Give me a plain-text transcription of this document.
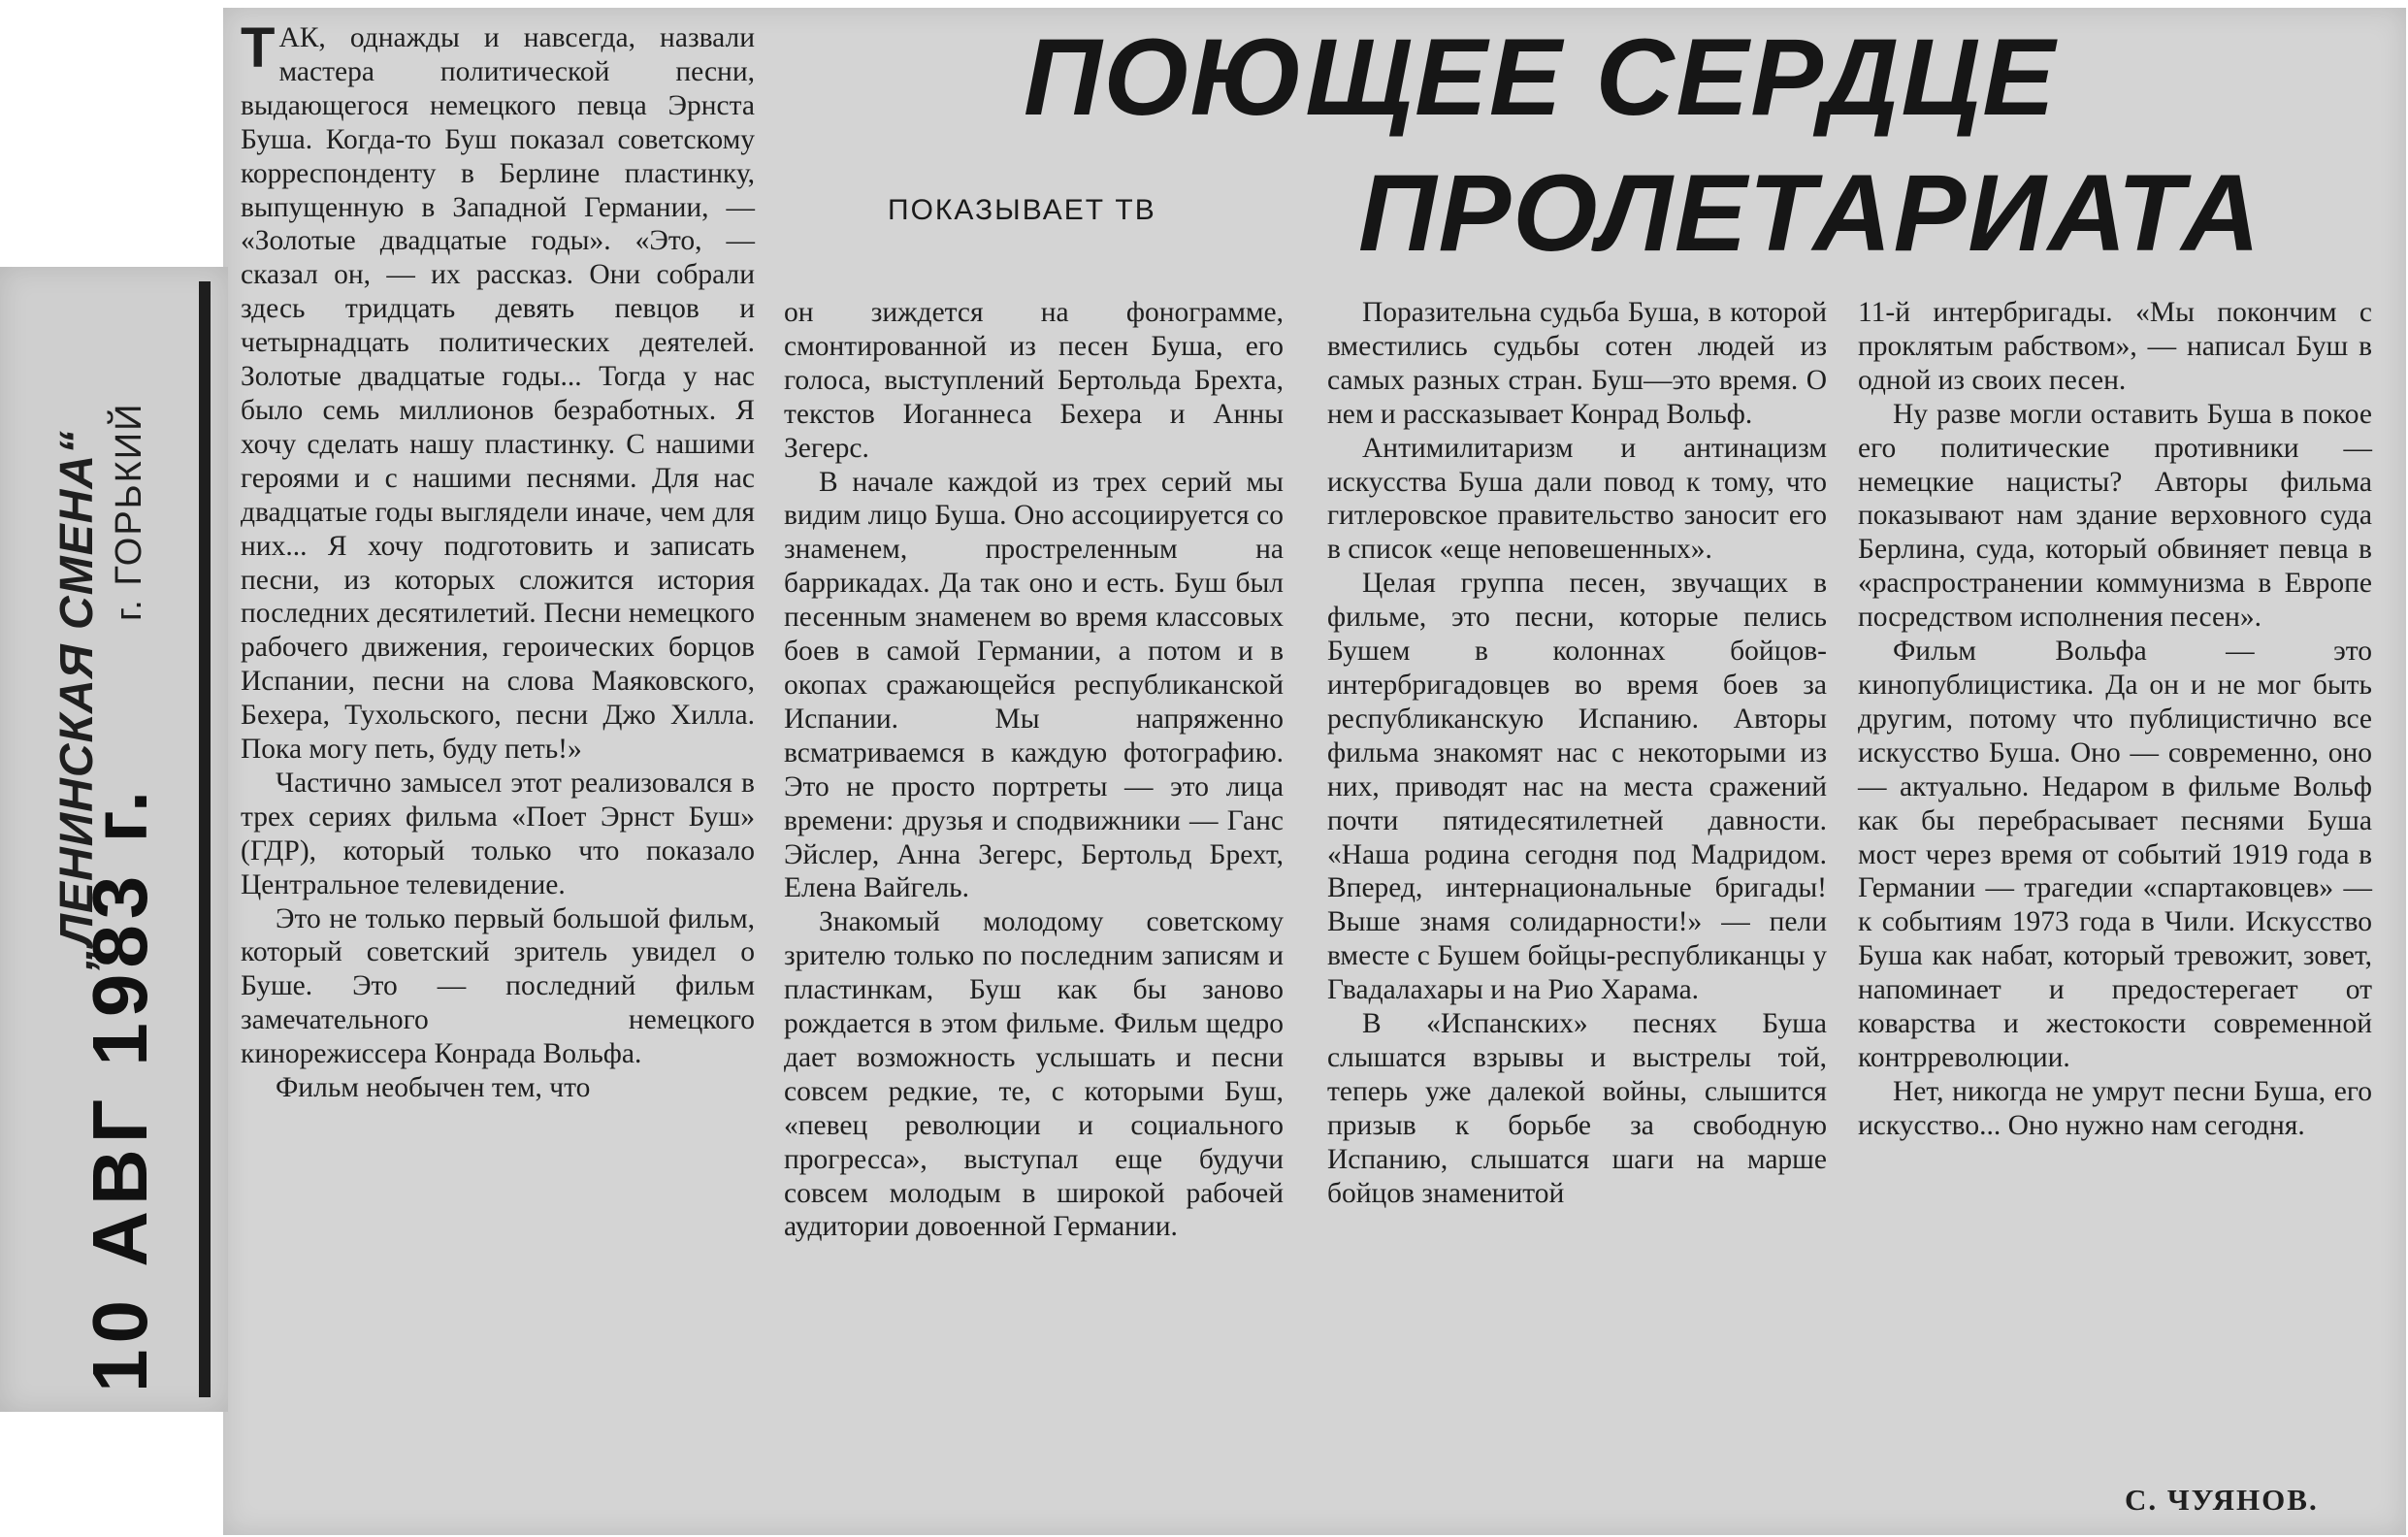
„ЛЕНИНСКАЯ СМЕНА“ г. ГОРЬКИЙ
10 АВГ 1983 г.
ПОЮЩЕЕ СЕРДЦЕ
ПРОЛЕТАРИАТА
ПОКАЗЫВАЕТ ТВ

ТАК, однажды и навсегда, назвали мастера политической песни, выдающегося немецкого певца Эрнста Буша. Когда-то Буш показал советскому корреспонденту в Берлине пластинку, выпущенную в Западной Германии, — «Золотые двадцатые годы». «Это, — сказал он, — их рассказ. Они собрали здесь тридцать девять певцов и четырнадцать политических деятелей. Золотые двадцатые годы... Тогда у нас было семь миллионов безработных. Я хочу сделать нашу пластинку. С нашими героями и с нашими песнями. Для нас двадцатые годы выглядели иначе, чем для них... Я хочу подготовить и записать песни, из которых сложится история последних десятилетий. Песни немецкого рабочего движения, героических борцов Испании, песни на слова Маяковского, Бехера, Тухольского, песни Джо Хилла. Пока могу петь, буду петь!»

Частично замысел этот реализовался в трех сериях фильма «Поет Эрнст Буш» (ГДР), который только что показало Центральное телевидение.

Это не только первый большой фильм, который советский зритель увидел о Буше. Это — последний фильм замечательного немецкого кинорежиссера Конрада Вольфа.

Фильм необычен тем, что

он зиждется на фонограмме, смонтированной из песен Буша, его голоса, выступлений Бертольда Брехта, текстов Иоганнеса Бехера и Анны Зегерс.

В начале каждой из трех серий мы видим лицо Буша. Оно ассоциируется со знаменем, простреленным на баррикадах. Да так оно и есть. Буш был песенным знаменем во время классовых боев в самой Германии, а потом и в окопах сражающейся республиканской Испании. Мы напряженно всматриваемся в каждую фотографию. Это не просто портреты — это лица времени: друзья и сподвижники — Ганс Эйслер, Анна Зегерс, Бертольд Брехт, Елена Вайгель.

Знакомый молодому советскому зрителю только по последним записям и пластинкам, Буш как бы заново рождается в этом фильме. Фильм щедро дает возможность услышать и песни совсем редкие, те, с которыми Буш, «певец революции и социального прогресса», выступал еще будучи совсем молодым в широкой рабочей аудитории довоенной Германии.

Поразительна судьба Буша, в которой вместились судьбы сотен людей из самых разных стран. Буш—это время. О нем и рассказывает Конрад Вольф.

Антимилитаризм и антинацизм искусства Буша дали повод к тому, что гитлеровское правительство заносит его в список «еще неповешенных».

Целая группа песен, звучащих в фильме, это песни, которые пелись Бушем в колоннах бойцов-интербригадовцев во время боев за республиканскую Испанию. Авторы фильма знакомят нас с некоторыми из них, приводят нас на места сражений почти пятидесятилетней давности. «Наша родина сегодня под Мадридом. Вперед, интернациональные бригады! Выше знамя солидарности!» — пели вместе с Бушем бойцы-республиканцы у Гвадалахары и на Рио Харама.

В «Испанских» песнях Буша слышатся взрывы и выстрелы той, теперь уже далекой войны, слышится призыв к борьбе за свободную Испанию, слышатся шаги на марше бойцов знаменитой

11-й интербригады. «Мы покончим с проклятым рабством», — написал Буш в одной из своих песен.

Ну разве могли оставить Буша в покое его политические противники — немецкие нацисты? Авторы фильма показывают нам здание верховного суда Берлина, суда, который обвиняет певца в «распространении коммунизма в Европе посредством исполнения песен».

Фильм Вольфа — это кинопублицистика. Да он и не мог быть другим, потому что публицистично все искусство Буша. Оно — современно, оно — актуально. Недаром в фильме Вольф как бы перебрасывает песнями Буша мост через время от событий 1919 года в Германии — трагедии «спартаковцев» — к событиям 1973 года в Чили. Искусство Буша как набат, который тревожит, зовет, напоминает и предостерегает от коварства и жестокости современной контрреволюции.

Нет, никогда не умрут песни Буша, его искусство... Оно нужно нам сегодня.

С. ЧУЯНОВ.
